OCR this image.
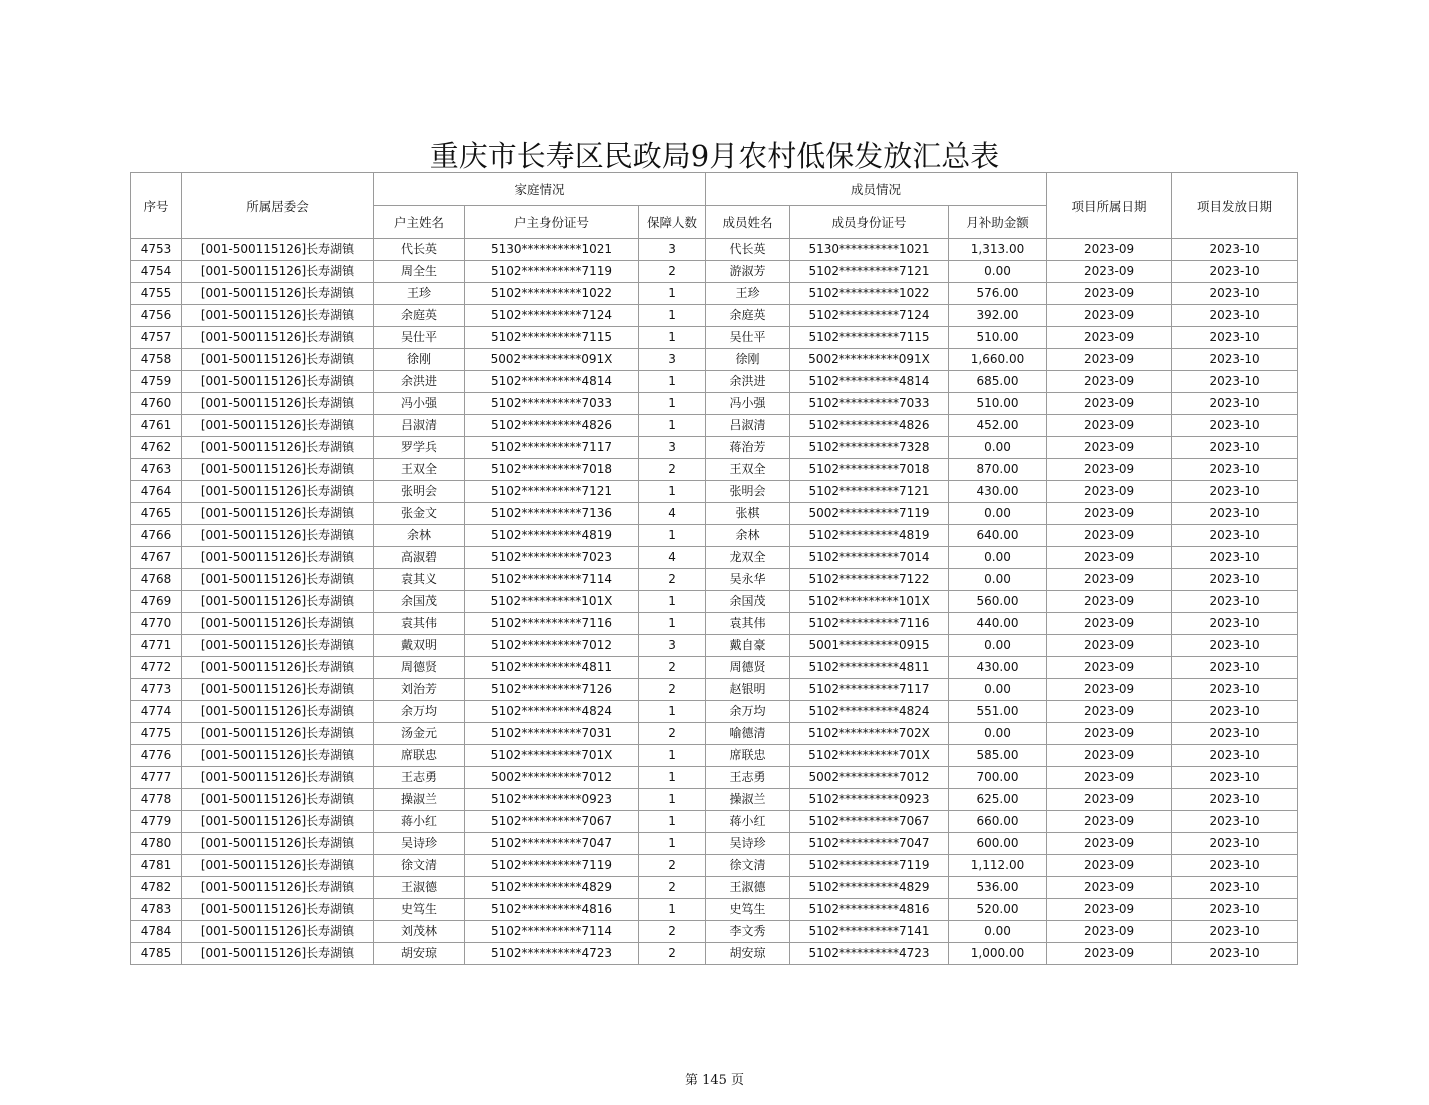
重庆市长寿区民政局9月农村低保发放汇总表
序号	所属居委会	家庭情况			成员情况			项目所属日期	项目发放日期
		户主姓名	户主身份证号	保障人数	成员姓名	成员身份证号	月补助金额		
4753	[001-500115126]长寿湖镇	代长英	5130**********1021	3	代长英	5130**********1021	1,313.00	2023-09	2023-10
4754	[001-500115126]长寿湖镇	周全生	5102**********7119	2	游淑芳	5102**********7121	0.00	2023-09	2023-10
4755	[001-500115126]长寿湖镇	王珍	5102**********1022	1	王珍	5102**********1022	576.00	2023-09	2023-10
4756	[001-500115126]长寿湖镇	余庭英	5102**********7124	1	余庭英	5102**********7124	392.00	2023-09	2023-10
4757	[001-500115126]长寿湖镇	吴仕平	5102**********7115	1	吴仕平	5102**********7115	510.00	2023-09	2023-10
4758	[001-500115126]长寿湖镇	徐刚	5002**********091X	3	徐刚	5002**********091X	1,660.00	2023-09	2023-10
4759	[001-500115126]长寿湖镇	余洪进	5102**********4814	1	余洪进	5102**********4814	685.00	2023-09	2023-10
4760	[001-500115126]长寿湖镇	冯小强	5102**********7033	1	冯小强	5102**********7033	510.00	2023-09	2023-10
4761	[001-500115126]长寿湖镇	吕淑清	5102**********4826	1	吕淑清	5102**********4826	452.00	2023-09	2023-10
4762	[001-500115126]长寿湖镇	罗学兵	5102**********7117	3	蒋治芳	5102**********7328	0.00	2023-09	2023-10
4763	[001-500115126]长寿湖镇	王双全	5102**********7018	2	王双全	5102**********7018	870.00	2023-09	2023-10
4764	[001-500115126]长寿湖镇	张明会	5102**********7121	1	张明会	5102**********7121	430.00	2023-09	2023-10
4765	[001-500115126]长寿湖镇	张金文	5102**********7136	4	张棋	5002**********7119	0.00	2023-09	2023-10
4766	[001-500115126]长寿湖镇	余林	5102**********4819	1	余林	5102**********4819	640.00	2023-09	2023-10
4767	[001-500115126]长寿湖镇	高淑碧	5102**********7023	4	龙双全	5102**********7014	0.00	2023-09	2023-10
4768	[001-500115126]长寿湖镇	袁其义	5102**********7114	2	吴永华	5102**********7122	0.00	2023-09	2023-10
4769	[001-500115126]长寿湖镇	余国茂	5102**********101X	1	余国茂	5102**********101X	560.00	2023-09	2023-10
4770	[001-500115126]长寿湖镇	袁其伟	5102**********7116	1	袁其伟	5102**********7116	440.00	2023-09	2023-10
4771	[001-500115126]长寿湖镇	戴双明	5102**********7012	3	戴自豪	5001**********0915	0.00	2023-09	2023-10
4772	[001-500115126]长寿湖镇	周德贤	5102**********4811	2	周德贤	5102**********4811	430.00	2023-09	2023-10
4773	[001-500115126]长寿湖镇	刘治芳	5102**********7126	2	赵银明	5102**********7117	0.00	2023-09	2023-10
4774	[001-500115126]长寿湖镇	余万均	5102**********4824	1	余万均	5102**********4824	551.00	2023-09	2023-10
4775	[001-500115126]长寿湖镇	汤金元	5102**********7031	2	喻德清	5102**********702X	0.00	2023-09	2023-10
4776	[001-500115126]长寿湖镇	席联忠	5102**********701X	1	席联忠	5102**********701X	585.00	2023-09	2023-10
4777	[001-500115126]长寿湖镇	王志勇	5002**********7012	1	王志勇	5002**********7012	700.00	2023-09	2023-10
4778	[001-500115126]长寿湖镇	操淑兰	5102**********0923	1	操淑兰	5102**********0923	625.00	2023-09	2023-10
4779	[001-500115126]长寿湖镇	蒋小红	5102**********7067	1	蒋小红	5102**********7067	660.00	2023-09	2023-10
4780	[001-500115126]长寿湖镇	吴诗珍	5102**********7047	1	吴诗珍	5102**********7047	600.00	2023-09	2023-10
4781	[001-500115126]长寿湖镇	徐文清	5102**********7119	2	徐文清	5102**********7119	1,112.00	2023-09	2023-10
4782	[001-500115126]长寿湖镇	王淑德	5102**********4829	2	王淑德	5102**********4829	536.00	2023-09	2023-10
4783	[001-500115126]长寿湖镇	史笃生	5102**********4816	1	史笃生	5102**********4816	520.00	2023-09	2023-10
4784	[001-500115126]长寿湖镇	刘茂林	5102**********7114	2	李文秀	5102**********7141	0.00	2023-09	2023-10
4785	[001-500115126]长寿湖镇	胡安琼	5102**********4723	2	胡安琼	5102**********4723	1,000.00	2023-09	2023-10
第 145 页
